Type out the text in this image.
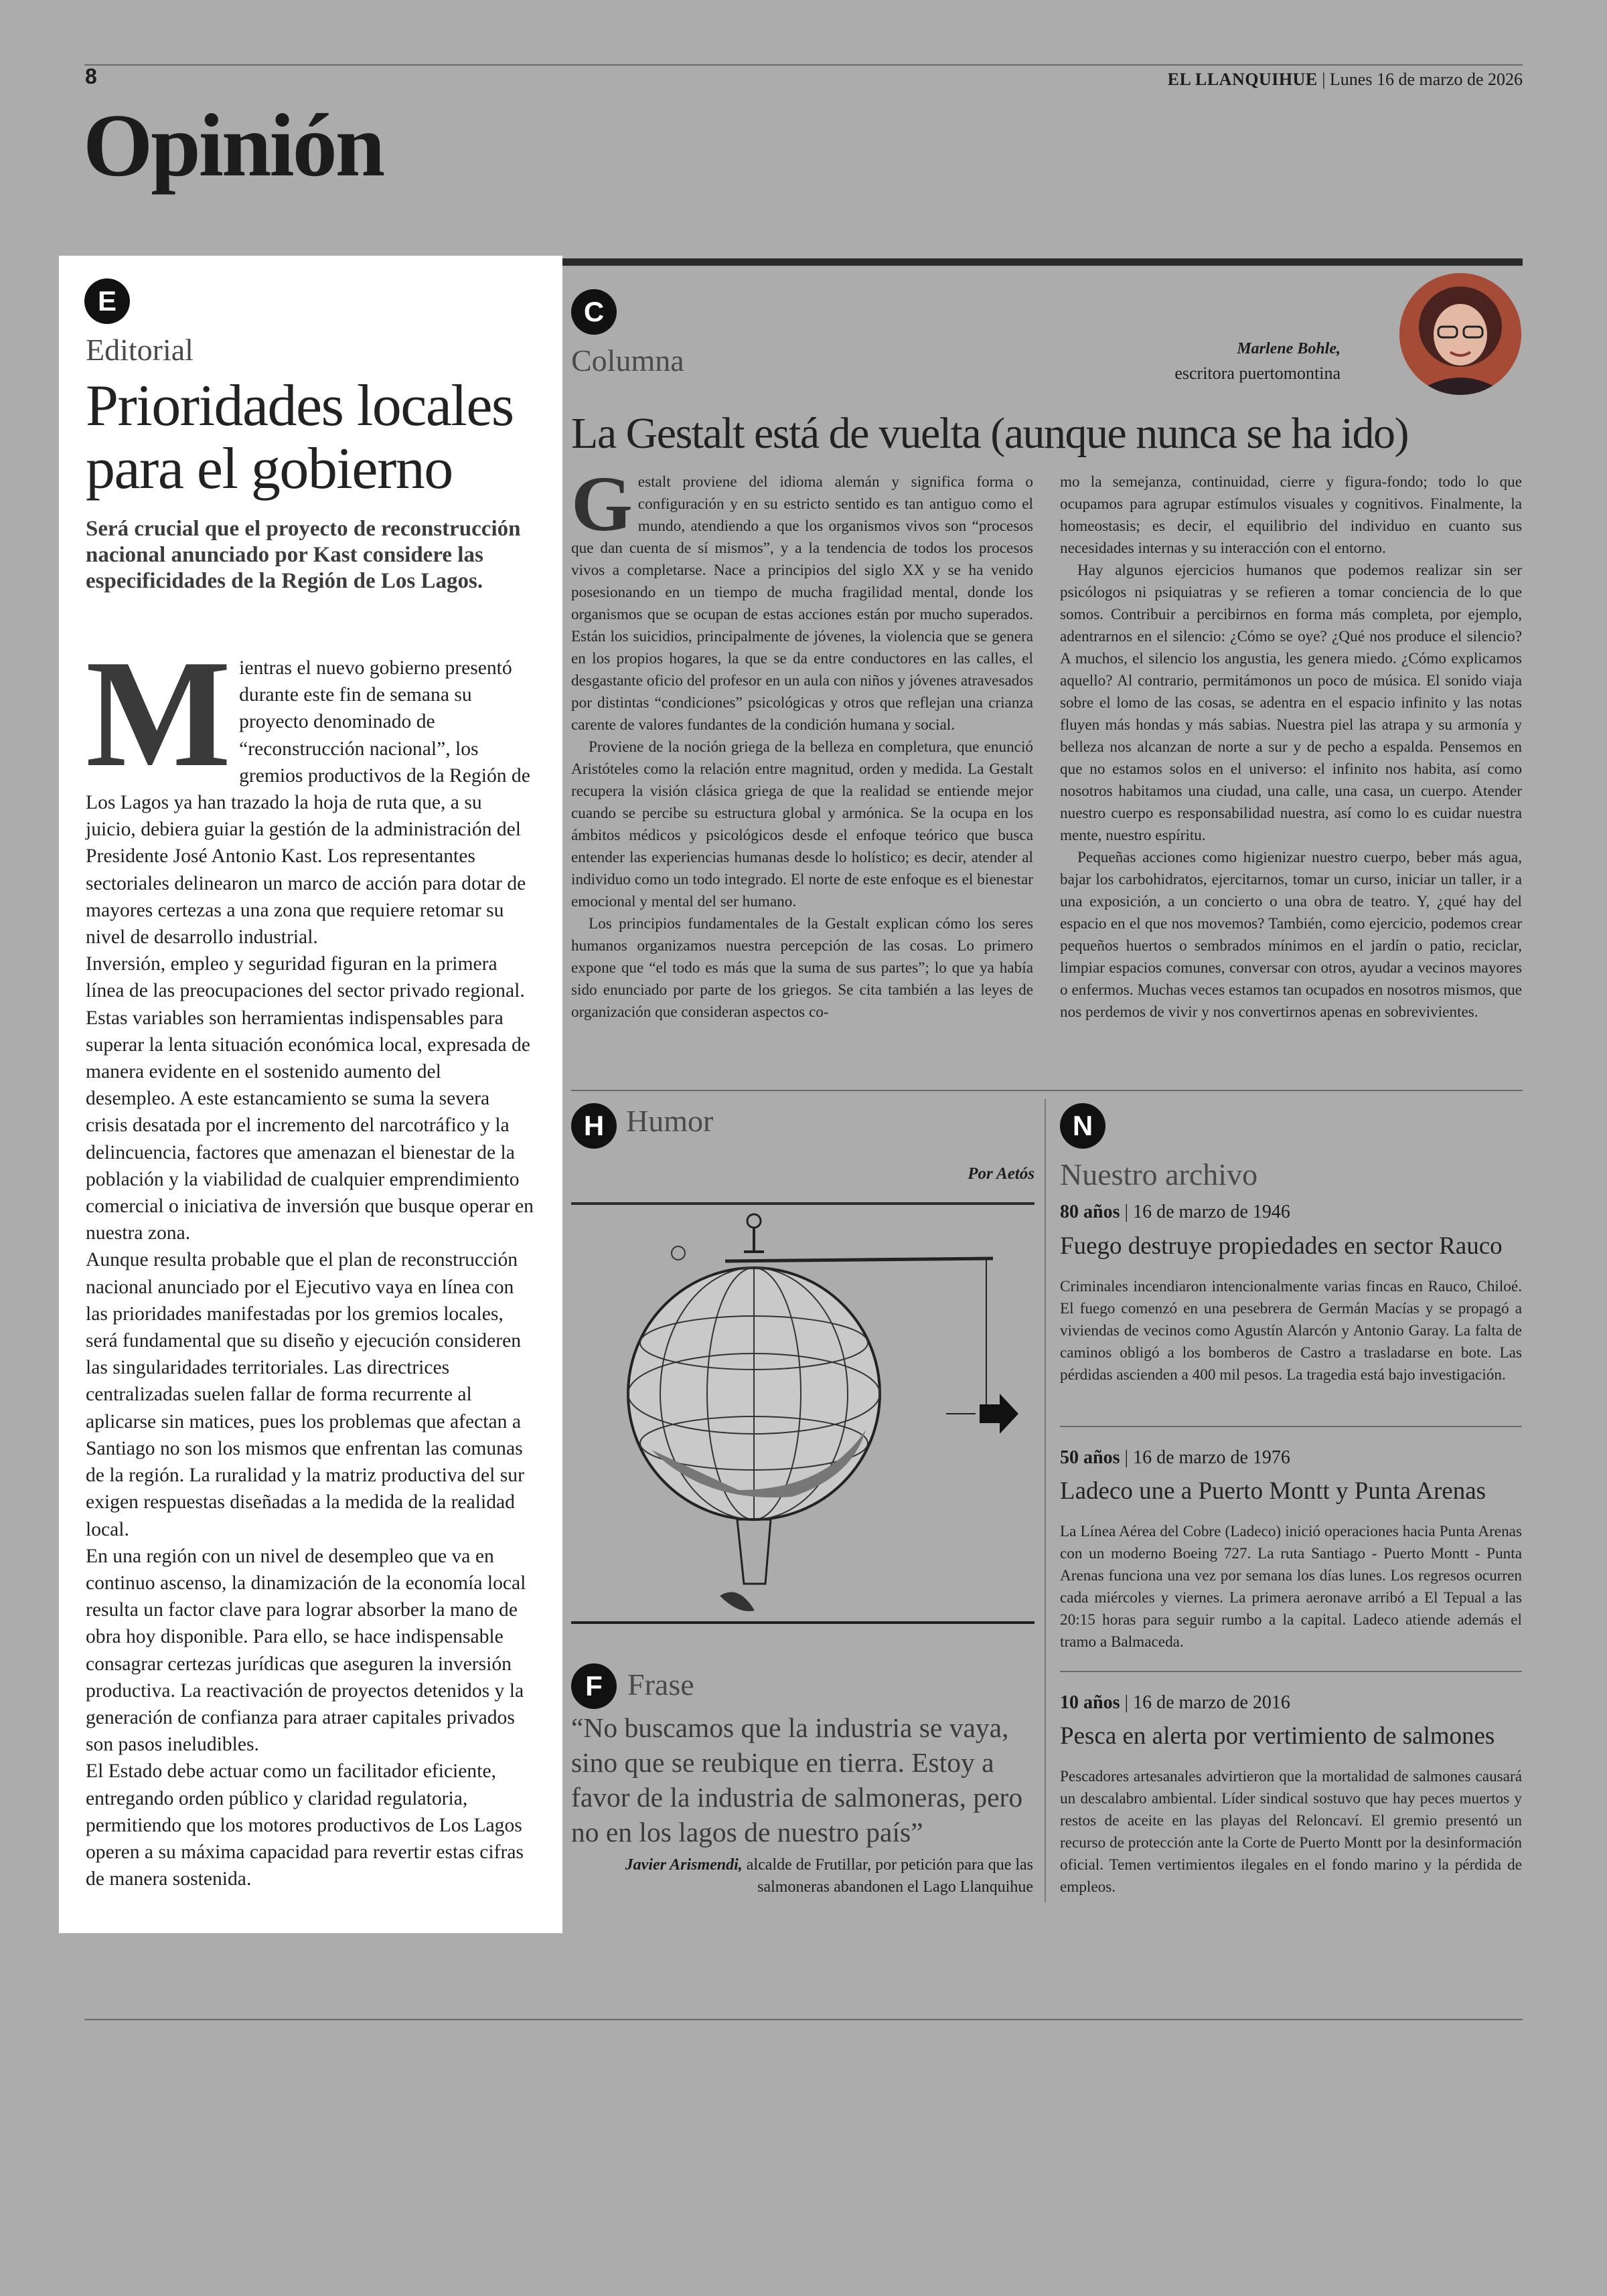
8	EL LLANQUIHUE | Lunes 16 de marzo de 2026
Opinión
E
Editorial
Prioridades locales para el gobierno
Será crucial que el proyecto de reconstrucción nacional anunciado por Kast considere las especificidades de la Región de Los Lagos.
M ientras el nuevo gobierno presentó durante este fin de semana su proyecto denominado de “reconstrucción nacional”, los gremios productivos de la Región de Los Lagos ya han trazado la hoja de ruta que, a su juicio, debiera guiar la gestión de la administración del Presidente José Antonio Kast. Los representantes sectoriales delinearon un marco de acción para dotar de mayores certezas a una zona que requiere retomar su nivel de desarrollo industrial.

Inversión, empleo y seguridad figuran en la primera línea de las preocupaciones del sector privado regional. Estas variables son herramientas indispensables para superar la lenta situación económica local, expresada de manera evidente en el sostenido aumento del desempleo. A este estancamiento se suma la severa crisis desatada por el incremento del narcotráfico y la delincuencia, factores que amenazan el bienestar de la población y la viabilidad de cualquier emprendimiento comercial o iniciativa de inversión que busque operar en nuestra zona.

Aunque resulta probable que el plan de reconstrucción nacional anunciado por el Ejecutivo vaya en línea con las prioridades manifestadas por los gremios locales, será fundamental que su diseño y ejecución consideren las singularidades territoriales. Las directrices centralizadas suelen fallar de forma recurrente al aplicarse sin matices, pues los problemas que afectan a Santiago no son los mismos que enfrentan las comunas de la región. La ruralidad y la matriz productiva del sur exigen respuestas diseñadas a la medida de la realidad local.

En una región con un nivel de desempleo que va en continuo ascenso, la dinamización de la economía local resulta un factor clave para lograr absorber la mano de obra hoy disponible. Para ello, se hace indispensable consagrar certezas jurídicas que aseguren la inversión productiva. La reactivación de proyectos detenidos y la generación de confianza para atraer capitales privados son pasos ineludibles.

El Estado debe actuar como un facilitador eficiente, entregando orden público y claridad regulatoria, permitiendo que los motores productivos de Los Lagos operen a su máxima capacidad para revertir estas cifras de manera sostenida.

C
Columna	Marlene Bohle,
escritora puertomontina
La Gestalt está de vuelta (aunque nunca se ha ido)
G estalt proviene del idioma alemán y significa forma o configuración y en su estricto sentido es tan antiguo como el mundo, atendiendo a que los organismos vivos son “procesos que dan cuenta de sí mismos”, y a la tendencia de todos los procesos vivos a completarse. Nace a principios del siglo XX y se ha venido posesionando en un tiempo de mucha fragilidad mental, donde los organismos que se ocupan de estas acciones están por mucho superados. Están los suicidios, principalmente de jóvenes, la violencia que se genera en los propios hogares, la que se da entre conductores en las calles, el desgastante oficio del profesor en un aula con niños y jóvenes atravesados por distintas “condiciones” psicológicas y otros que reflejan una crianza carente de valores fundantes de la condición humana y social.

Proviene de la noción griega de la belleza en completura, que enunció Aristóteles como la relación entre magnitud, orden y medida. La Gestalt recupera la visión clásica griega de que la realidad se entiende mejor cuando se percibe su estructura global y armónica. Se la ocupa en los ámbitos médicos y psicológicos desde el enfoque teórico que busca entender las experiencias humanas desde lo holístico; es decir, atender al individuo como un todo integrado. El norte de este enfoque es el bienestar emocional y mental del ser humano.

Los principios fundamentales de la Gestalt explican cómo los seres humanos organizamos nuestra percepción de las cosas. Lo primero expone que “el todo es más que la suma de sus partes”; lo que ya había sido enunciado por parte de los griegos. Se cita también a las leyes de organización que consideran aspectos co-

mo la semejanza, continuidad, cierre y figura-fondo; todo lo que ocupamos para agrupar estímulos visuales y cognitivos. Finalmente, la homeostasis; es decir, el equilibrio del individuo en cuanto sus necesidades internas y su interacción con el entorno.

Hay algunos ejercicios humanos que podemos realizar sin ser psicólogos ni psiquiatras y se refieren a tomar conciencia de lo que somos. Contribuir a percibirnos en forma más completa, por ejemplo, adentrarnos en el silencio: ¿Cómo se oye? ¿Qué nos produce el silencio? A muchos, el silencio los angustia, les genera miedo. ¿Cómo explicamos aquello? Al contrario, permitámonos un poco de música. El sonido viaja sobre el lomo de las cosas, se adentra en el espacio infinito y las notas fluyen más hondas y más sabias. Nuestra piel las atrapa y su armonía y belleza nos alcanzan de norte a sur y de pecho a espalda. Pensemos en que no estamos solos en el universo: el infinito nos habita, así como nosotros habitamos una ciudad, una calle, una casa, un cuerpo. Atender nuestro cuerpo es responsabilidad nuestra, así como lo es cuidar nuestra mente, nuestro espíritu.

Pequeñas acciones como higienizar nuestro cuerpo, beber más agua, bajar los carbohidratos, ejercitarnos, tomar un curso, iniciar un taller, ir a una exposición, a un concierto o una obra de teatro. Y, ¿qué hay del espacio en el que nos movemos? También, como ejercicio, podemos crear pequeños huertos o sembrados mínimos en el jardín o patio, reciclar, limpiar espacios comunes, conversar con otros, ayudar a vecinos mayores o enfermos. Muchas veces estamos tan ocupados en nosotros mismos, que nos perdemos de vivir y nos convertirnos apenas en sobrevivientes.

H Humor
Por Aetós
F Frase
“No buscamos que la industria se vaya, sino que se reubique en tierra. Estoy a favor de la industria de salmoneras, pero no en los lagos de nuestro país”
Javier Arismendi, alcalde de Frutillar, por petición para que las salmoneras abandonen el Lago Llanquihue
N
Nuestro archivo
80 años | 16 de marzo de 1946
Fuego destruye propiedades en sector Rauco
Criminales incendiaron intencionalmente varias fincas en Rauco, Chiloé. El fuego comenzó en una pesebrera de Germán Macías y se propagó a viviendas de vecinos como Agustín Alarcón y Antonio Garay. La falta de caminos obligó a los bomberos de Castro a trasladarse en bote. Las pérdidas ascienden a 400 mil pesos. La tragedia está bajo investigación.
50 años | 16 de marzo de 1976
Ladeco une a Puerto Montt y Punta Arenas
La Línea Aérea del Cobre (Ladeco) inició operaciones hacia Punta Arenas con un moderno Boeing 727. La ruta Santiago - Puerto Montt - Punta Arenas funciona una vez por semana los días lunes. Los regresos ocurren cada miércoles y viernes. La primera aeronave arribó a El Tepual a las 20:15 horas para seguir rumbo a la capital. Ladeco atiende además el tramo a Balmaceda.
10 años | 16 de marzo de 2016
Pesca en alerta por vertimiento de salmones
Pescadores artesanales advirtieron que la mortalidad de salmones causará un descalabro ambiental. Líder sindical sostuvo que hay peces muertos y restos de aceite en las playas del Reloncaví. El gremio presentó un recurso de protección ante la Corte de Puerto Montt por la desinformación oficial. Temen vertimientos ilegales en el fondo marino y la pérdida de empleos.
